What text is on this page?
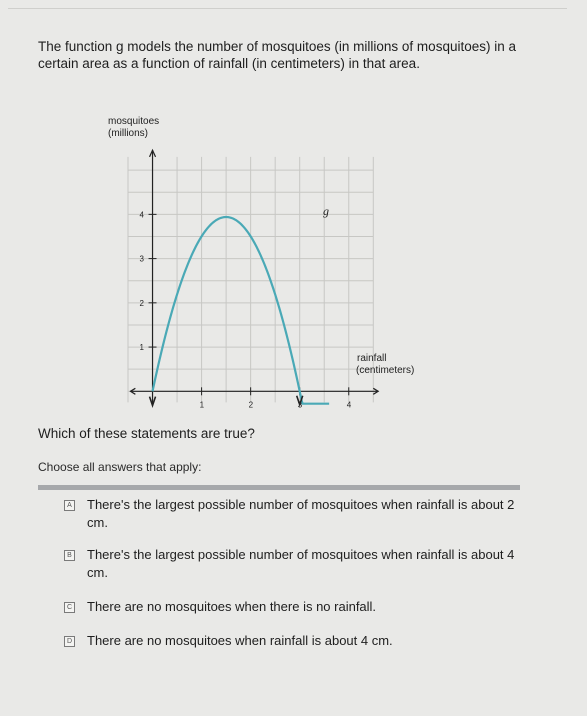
The function g models the number of mosquitoes (in millions of mosquitoes) in a certain area as a function of rainfall (in centimeters) in that area.
1	2	3	4
1
2
3
4
mosquitoes
(millions)
rainfall
(centimeters)
g
Which of these statements are true?
Choose all answers that apply:
A There's the largest possible number of mosquitoes when rainfall is about 2 cm.
B There's the largest possible number of mosquitoes when rainfall is about 4 cm.
C There are no mosquitoes when there is no rainfall.
D There are no mosquitoes when rainfall is about 4 cm.
